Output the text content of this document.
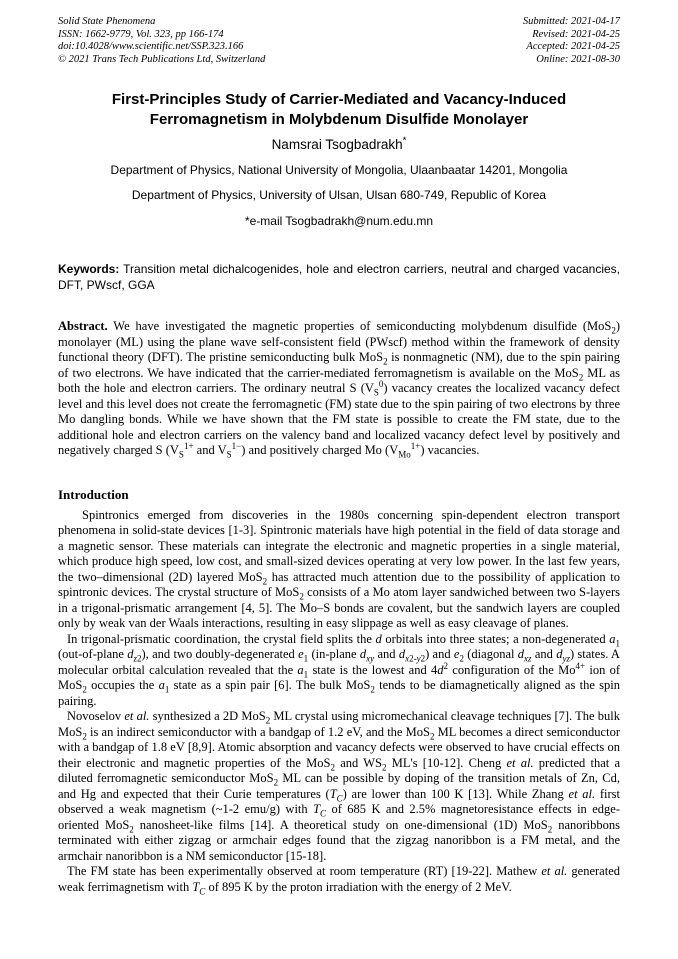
Solid State Phenomena
ISSN: 1662-9779, Vol. 323, pp 166-174
doi:10.4028/www.scientific.net/SSP.323.166
© 2021 Trans Tech Publications Ltd, Switzerland
Submitted: 2021-04-17
Revised: 2021-04-25
Accepted: 2021-04-25
Online: 2021-08-30
First-Principles Study of Carrier-Mediated and Vacancy-Induced Ferromagnetism in Molybdenum Disulfide Monolayer
Namsrai Tsogbadrakh*
Department of Physics, National University of Mongolia, Ulaanbaatar 14201, Mongolia
Department of Physics, University of Ulsan, Ulsan 680-749, Republic of Korea
*e-mail Tsogbadrakh@num.edu.mn

Keywords: Transition metal dichalcogenides, hole and electron carriers, neutral and charged vacancies, DFT, PWscf, GGA

Abstract. We have investigated the magnetic properties of semiconducting molybdenum disulfide (MoS$_2$) monolayer (ML) using the plane wave self-consistent field (PWscf) method within the framework of density functional theory (DFT). The pristine semiconducting bulk MoS$_2$ is nonmagnetic (NM), due to the spin pairing of two electrons. We have indicated that the carrier-mediated ferromagnetism is available on the MoS$_2$ ML as both the hole and electron carriers. The ordinary neutral S $(V_S^0)$ vacancy creates the localized vacancy defect level and this level does not create the ferromagnetic (FM) state due to the spin pairing of two electrons by three Mo dangling bonds. While we have shown that the FM state is possible to create the FM state, due to the additional hole and electron carriers on the valency band and localized vacancy defect level by positively and negatively charged S ($V_S^{1+}$ and $V_S^{1-}$) and positively charged Mo $(V_{Mo}^{1+})$ vacancies.

Introduction

Spintronics emerged from discoveries in the 1980s concerning spin-dependent electron transport phenomena in solid-state devices [1-3]. Spintronic materials have high potential in the field of data storage and a magnetic sensor. These materials can integrate the electronic and magnetic properties in a single material, which produce high speed, low cost, and small-sized devices operating at very low power. In the last few years, the two–dimensional (2D) layered MoS$_2$ has attracted much attention due to the possibility of application to spintronic devices. The crystal structure of MoS$_2$ consists of a Mo atom layer sandwiched between two S-layers in a trigonal-prismatic arrangement [4, 5]. The Mo–S bonds are covalent, but the sandwich layers are coupled only by weak van der Waals interactions, resulting in easy slippage as well as easy cleavage of planes.

In trigonal-prismatic coordination, the crystal field splits the d orbitals into three states; a non-degenerated $a_1$ (out-of-plane $d_{z2}$), and two doubly-degenerated $e_1$ (in-plane $d_{xy}$ and $d_{x2-y2}$) and $e_2$ (diagonal $d_{xz}$ and $d_{yz}$) states. A molecular orbital calculation revealed that the $a_1$ state is the lowest and $4d^2$ configuration of the $Mo^{4+}$ ion of MoS$_2$ occupies the $a_1$ state as a spin pair [6]. The bulk MoS$_2$ tends to be diamagnetically aligned as the spin pairing.

Novoselov et al. synthesized a 2D MoS$_2$ ML crystal using micromechanical cleavage techniques [7]. The bulk MoS$_2$ is an indirect semiconductor with a bandgap of 1.2 eV, and the MoS$_2$ ML becomes a direct semiconductor with a bandgap of 1.8 eV [8,9]. Atomic absorption and vacancy defects were observed to have crucial effects on their electronic and magnetic properties of the MoS$_2$ and $WS_2$ ML's [10-12]. Cheng et al. predicted that a diluted ferromagnetic semiconductor MoS$_2$ ML can be possible by doping of the transition metals of Zn, Cd, and Hg and expected that their Curie temperatures $(T_C)$ are lower than 100 K [13]. While Zhang et al. first observed a weak magnetism (~1-2 emu/g) with $T_C$ of 685 K and 2.5% magnetoresistance effects in edge-oriented MoS$_2$ nanosheet-like films [14]. A theoretical study on one-dimensional (1D) MoS$_2$ nanoribbons terminated with either zigzag or armchair edges found that the zigzag nanoribbon is a FM metal, and the armchair nanoribbon is a NM semiconductor [15-18].

The FM state has been experimentally observed at room temperature (RT) [19-22]. Mathew et al. generated weak ferrimagnetism with $T_C$ of 895 K by the proton irradiation with the energy of 2 MeV.
